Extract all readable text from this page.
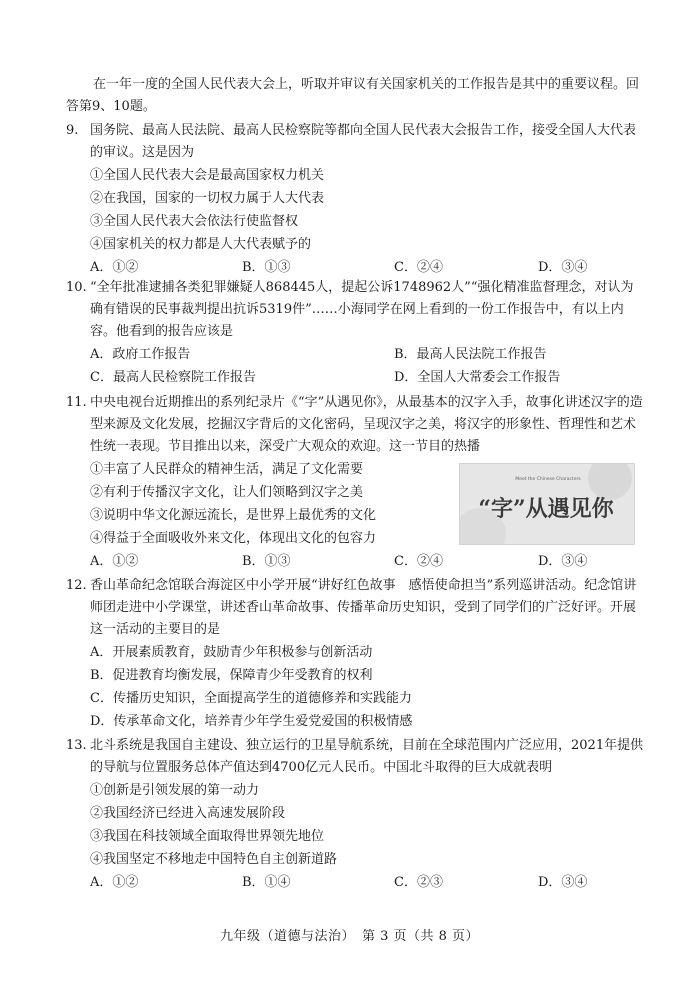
在一年一度的全国人民代表大会上，听取并审议有关国家机关的工作报告是其中的重要议程。回答第9、10题。
9. 国务院、最高人民法院、最高人民检察院等都向全国人民代表大会报告工作，接受全国人大代表的审议。这是因为
①全国人民代表大会是最高国家权力机关
②在我国，国家的一切权力属于人大代表
③全国人民代表大会依法行使监督权
④国家机关的权力都是人大代表赋予的
A．①②	B．①③	C．②④	D．③④
10. “全年批准逮捕各类犯罪嫌疑人868445人，提起公诉1748962人”“强化精准监督理念，对认为确有错误的民事裁判提出抗诉5319件”……小海同学在网上看到的一份工作报告中，有以上内容。他看到的报告应该是
A．政府工作报告	B．最高人民法院工作报告
C．最高人民检察院工作报告	D．全国人大常委会工作报告
11. 中央电视台近期推出的系列纪录片《“字”从遇见你》，从最基本的汉字入手，故事化讲述汉字的造型来源及文化发展，挖掘汉字背后的文化密码，呈现汉字之美，将汉字的形象性、哲理性和艺术性统一表现。节目推出以来，深受广大观众的欢迎。这一节目的热播
①丰富了人民群众的精神生活，满足了文化需要
②有利于传播汉字文化，让人们领略到汉字之美
③说明中华文化源远流长，是世界上最优秀的文化
④得益于全面吸收外来文化，体现出文化的包容力
A．①②	B．①③	C．②④	D．③④
Meet the Chinese Characters
“字”从遇见你
12. 香山革命纪念馆联合海淀区中小学开展“讲好红色故事　感悟使命担当”系列巡讲活动。纪念馆讲师团走进中小学课堂，讲述香山革命故事、传播革命历史知识，受到了同学们的广泛好评。开展这一活动的主要目的是
A．开展素质教育，鼓励青少年积极参与创新活动
B．促进教育均衡发展，保障青少年受教育的权利
C．传播历史知识，全面提高学生的道德修养和实践能力
D．传承革命文化，培养青少年学生爱党爱国的积极情感
13. 北斗系统是我国自主建设、独立运行的卫星导航系统，目前在全球范围内广泛应用，2021年提供的导航与位置服务总体产值达到4700亿元人民币。中国北斗取得的巨大成就表明
①创新是引领发展的第一动力
②我国经济已经进入高速发展阶段
③我国在科技领域全面取得世界领先地位
④我国坚定不移地走中国特色自主创新道路
A．①②	B．①④	C．②③	D．③④
九年级（道德与法治）　第 3 页（共 8 页）
